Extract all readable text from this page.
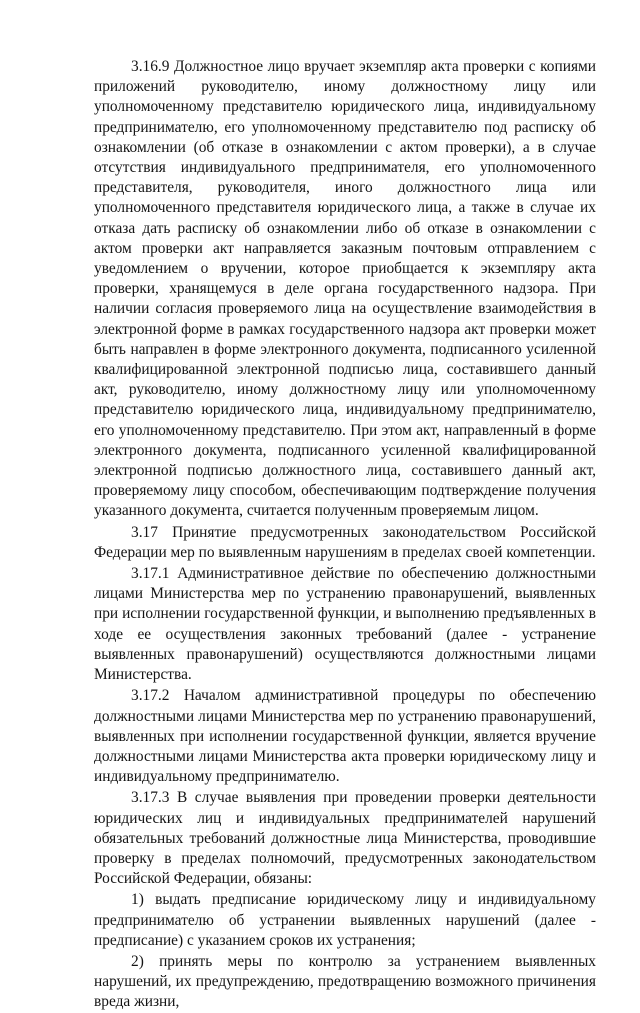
3.16.9 Должностное лицо вручает экземпляр акта проверки с копиями приложений руководителю, иному должностному лицу или уполномоченному представителю юридического лица, индивидуальному предпринимателю, его уполномоченному представителю под расписку об ознакомлении (об отказе в ознакомлении с актом проверки), а в случае отсутствия индивидуального предпринимателя, его уполномоченного представителя, руководителя, иного должностного лица или уполномоченного представителя юридического лица, а также в случае их отказа дать расписку об ознакомлении либо об отказе в ознакомлении с актом проверки акт направляется заказным почтовым отправлением с уведомлением о вручении, которое приобщается к экземпляру акта проверки, хранящемуся в деле органа государственного надзора. При наличии согласия проверяемого лица на осуществление взаимодействия в электронной форме в рамках государственного надзора акт проверки может быть направлен в форме электронного документа, подписанного усиленной квалифицированной электронной подписью лица, составившего данный акт, руководителю, иному должностному лицу или уполномоченному представителю юридического лица, индивидуальному предпринимателю, его уполномоченному представителю. При этом акт, направленный в форме электронного документа, подписанного усиленной квалифицированной электронной подписью должностного лица, составившего данный акт, проверяемому лицу способом, обеспечивающим подтверждение получения указанного документа, считается полученным проверяемым лицом.

3.17 Принятие предусмотренных законодательством Российской Федерации мер по выявленным нарушениям в пределах своей компетенции.

3.17.1 Административное действие по обеспечению должностными лицами Министерства мер по устранению правонарушений, выявленных при исполнении государственной функции, и выполнению предъявленных в ходе ее осуществления законных требований (далее - устранение выявленных правонарушений) осуществляются должностными лицами Министерства.

3.17.2 Началом административной процедуры по обеспечению должностными лицами Министерства мер по устранению правонарушений, выявленных при исполнении государственной функции, является вручение должностными лицами Министерства акта проверки юридическому лицу и индивидуальному предпринимателю.

3.17.3 В случае выявления при проведении проверки деятельности юридических лиц и индивидуальных предпринимателей нарушений обязательных требований должностные лица Министерства, проводившие проверку в пределах полномочий, предусмотренных законодательством Российской Федерации, обязаны:

1) выдать предписание юридическому лицу и индивидуальному предпринимателю об устранении выявленных нарушений (далее - предписание) с указанием сроков их устранения;

2) принять меры по контролю за устранением выявленных нарушений, их предупреждению, предотвращению возможного причинения вреда жизни,
